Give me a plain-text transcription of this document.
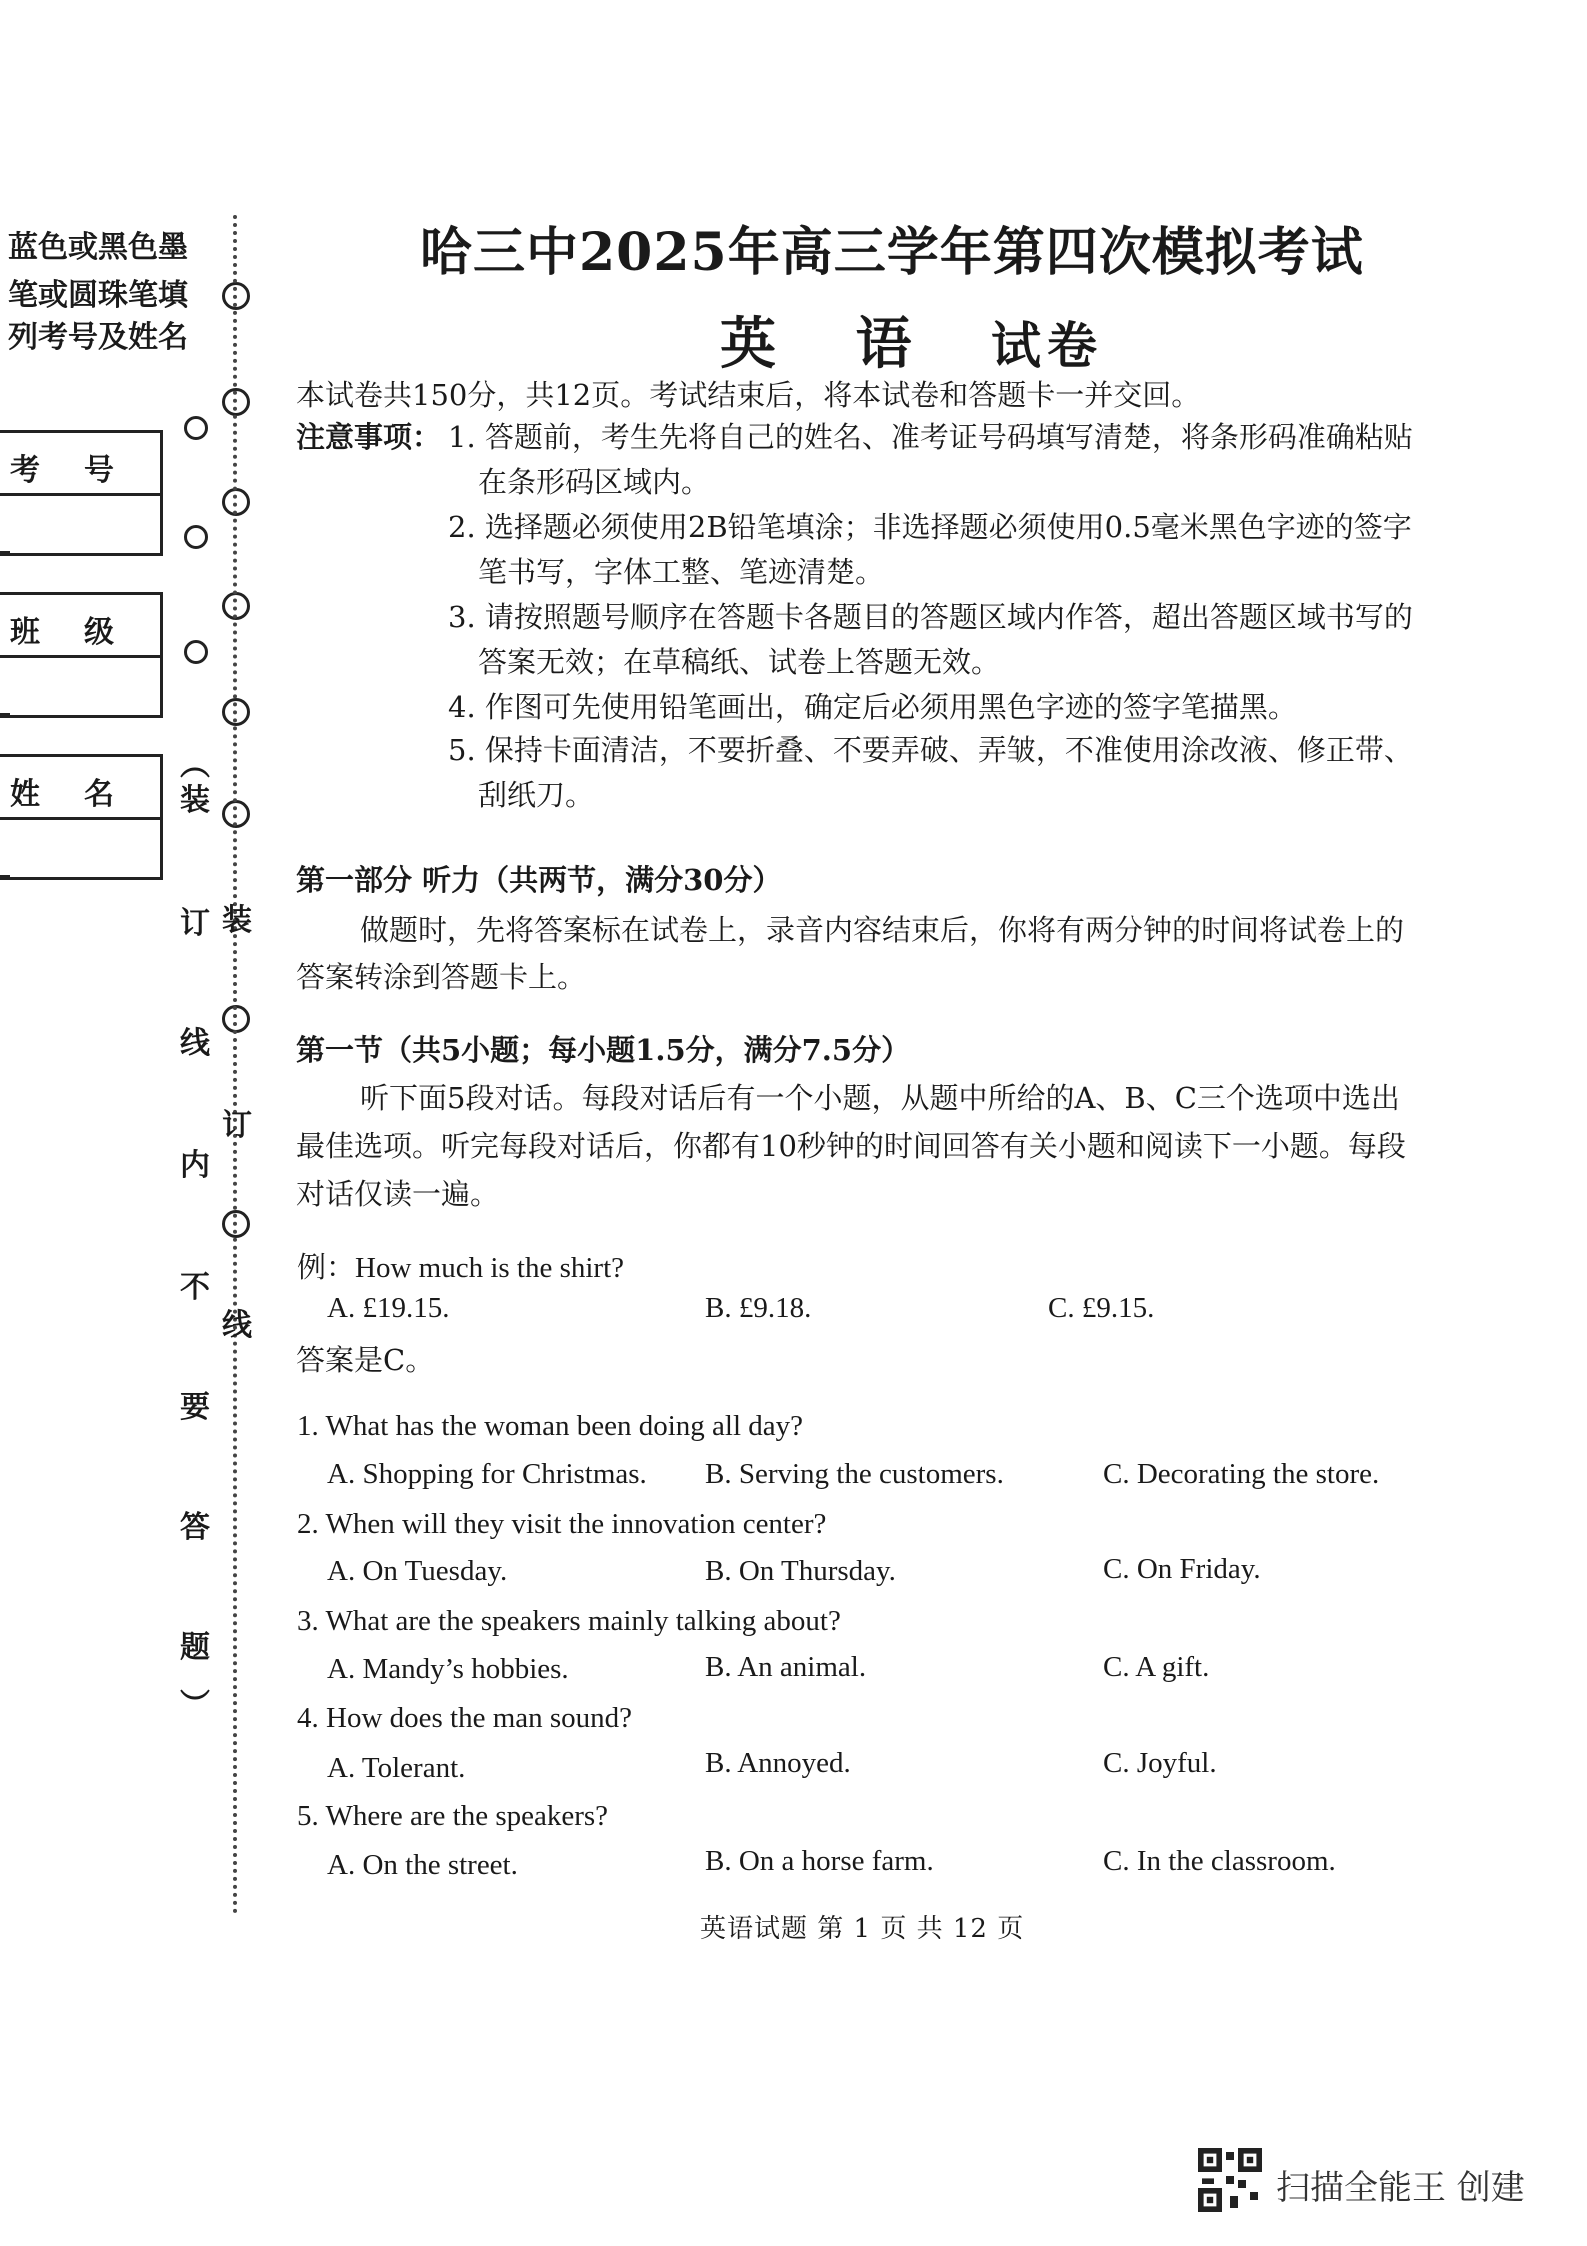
蓝色或黑色墨
笔或圆珠笔填
列考号及姓名
考号
班级
姓名
︵
装
订
线
内
不
要
答
题
︶
装
订
线
哈三中2025年高三学年第四次模拟考试
英 语 试卷
本试卷共150分，共12页。考试结束后，将本试卷和答题卡一并交回。
注意事项： 1. 答题前，考生先将自己的姓名、准考证号码填写清楚，将条形码准确粘贴
在条形码区域内。
2. 选择题必须使用2B铅笔填涂；非选择题必须使用0.5毫米黑色字迹的签字
笔书写，字体工整、笔迹清楚。
3. 请按照题号顺序在答题卡各题目的答题区域内作答，超出答题区域书写的
答案无效；在草稿纸、试卷上答题无效。
4. 作图可先使用铅笔画出，确定后必须用黑色字迹的签字笔描黑。
5. 保持卡面清洁，不要折叠、不要弄破、弄皱，不准使用涂改液、修正带、
刮纸刀。
第一部分 听力（共两节，满分30分）
做题时，先将答案标在试卷上，录音内容结束后，你将有两分钟的时间将试卷上的
答案转涂到答题卡上。
第一节（共5小题；每小题1.5分，满分7.5分）
听下面5段对话。每段对话后有一个小题，从题中所给的A、B、C三个选项中选出
最佳选项。听完每段对话后，你都有10秒钟的时间回答有关小题和阅读下一小题。每段
对话仅读一遍。
例：How much is the shirt?
A. £19.15.	B. £9.18.	C. £9.15.
答案是C。
1. What has the woman been doing all day?
A. Shopping for Christmas. B. Serving the customers.	C. Decorating the store.
2. When will they visit the innovation center?
A. On Tuesday.	B. On Thursday.	C. On Friday.
3. What are the speakers mainly talking about?
A. Mandy’s hobbies.	B. An animal.	C. A gift.
4. How does the man sound?
A. Tolerant.	B. Annoyed.	C. Joyful.
5. Where are the speakers?
A. On the street.	B. On a horse farm.	C. In the classroom.
英语试题 第 1 页 共 12 页
扫描全能王 创建
